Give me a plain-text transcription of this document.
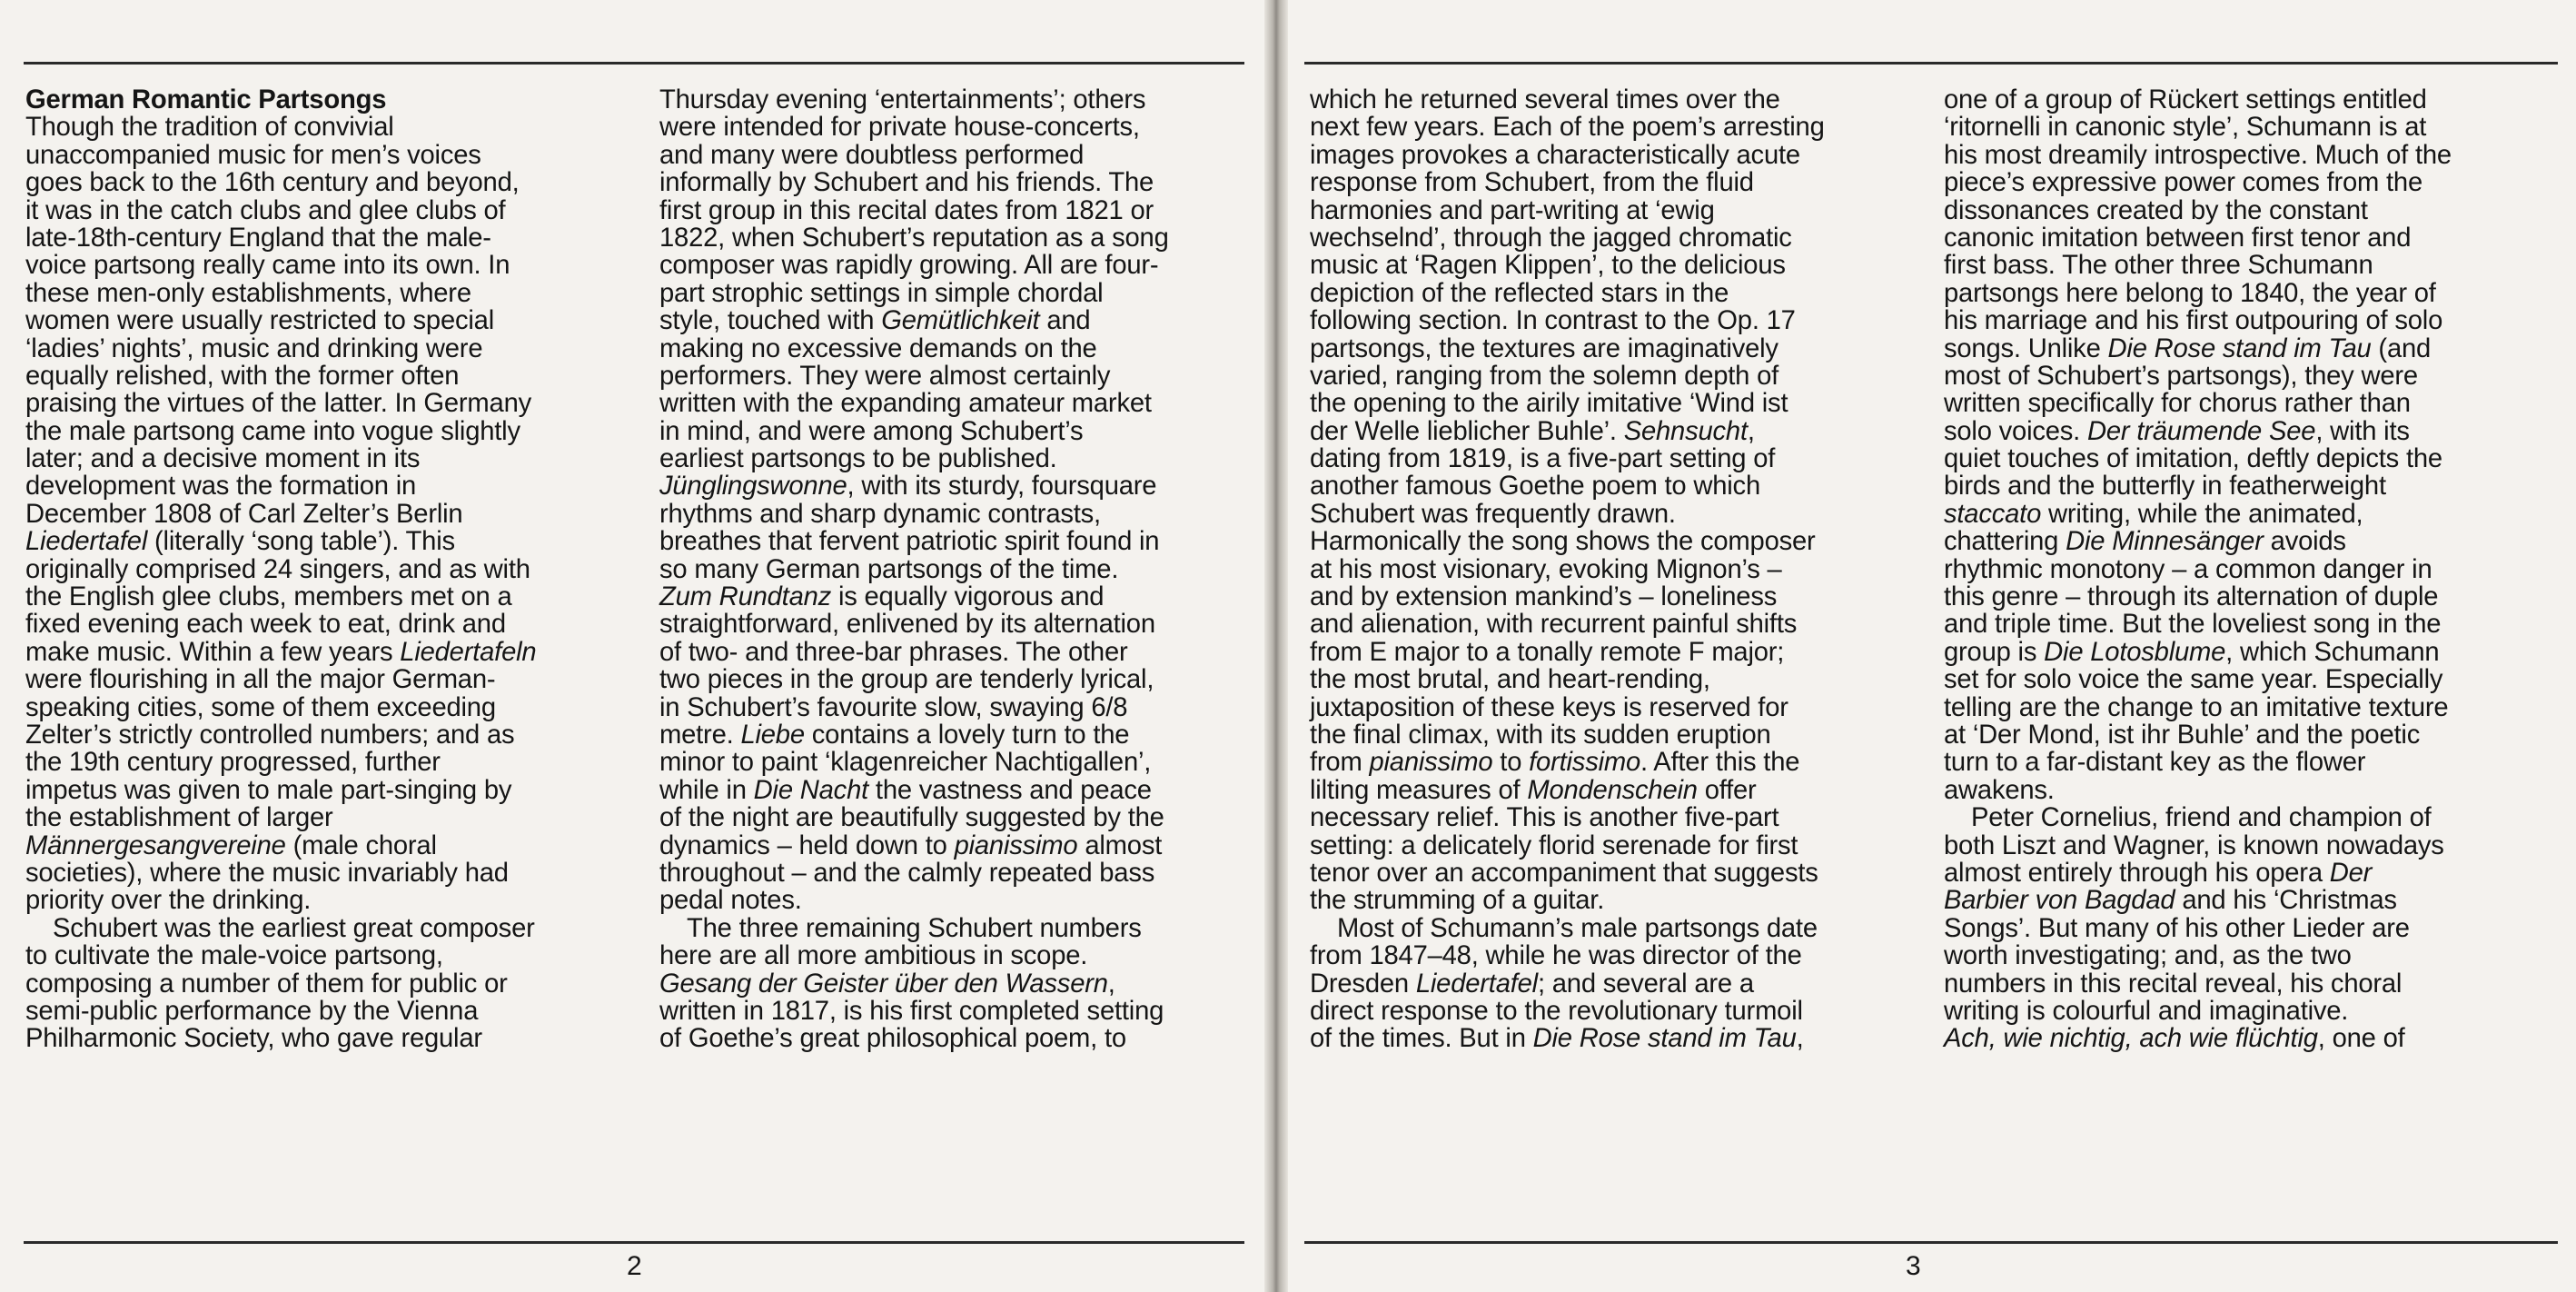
German Romantic Partsongs
Though the tradition of convivial
unaccompanied music for men’s voices
goes back to the 16th century and beyond,
it was in the catch clubs and glee clubs of
late-18th-century England that the male-
voice partsong really came into its own. In
these men-only establishments, where
women were usually restricted to special
‘ladies’ nights’, music and drinking were
equally relished, with the former often
praising the virtues of the latter. In Germany
the male partsong came into vogue slightly
later; and a decisive moment in its
development was the formation in
December 1808 of Carl Zelter’s Berlin
Liedertafel (literally ‘song table’). This
originally comprised 24 singers, and as with
the English glee clubs, members met on a
fixed evening each week to eat, drink and
make music. Within a few years Liedertafeln
were flourishing in all the major German-
speaking cities, some of them exceeding
Zelter’s strictly controlled numbers; and as
the 19th century progressed, further
impetus was given to male part-singing by
the establishment of larger
Männergesangvereine (male choral
societies), where the music invariably had
priority over the drinking.
Schubert was the earliest great composer
to cultivate the male-voice partsong,
composing a number of them for public or
semi-public performance by the Vienna
Philharmonic Society, who gave regular
Thursday evening ‘entertainments’; others
were intended for private house-concerts,
and many were doubtless performed
informally by Schubert and his friends. The
first group in this recital dates from 1821 or
1822, when Schubert’s reputation as a song
composer was rapidly growing. All are four-
part strophic settings in simple chordal
style, touched with Gemütlichkeit and
making no excessive demands on the
performers. They were almost certainly
written with the expanding amateur market
in mind, and were among Schubert’s
earliest partsongs to be published.
Jünglingswonne, with its sturdy, foursquare
rhythms and sharp dynamic contrasts,
breathes that fervent patriotic spirit found in
so many German partsongs of the time.
Zum Rundtanz is equally vigorous and
straightforward, enlivened by its alternation
of two- and three-bar phrases. The other
two pieces in the group are tenderly lyrical,
in Schubert’s favourite slow, swaying 6/8
metre. Liebe contains a lovely turn to the
minor to paint ‘klagenreicher Nachtigallen’,
while in Die Nacht the vastness and peace
of the night are beautifully suggested by the
dynamics – held down to pianissimo almost
throughout – and the calmly repeated bass
pedal notes.
The three remaining Schubert numbers
here are all more ambitious in scope.
Gesang der Geister über den Wassern,
written in 1817, is his first completed setting
of Goethe’s great philosophical poem, to
which he returned several times over the
next few years. Each of the poem’s arresting
images provokes a characteristically acute
response from Schubert, from the fluid
harmonies and part-writing at ‘ewig
wechselnd’, through the jagged chromatic
music at ‘Ragen Klippen’, to the delicious
depiction of the reflected stars in the
following section. In contrast to the Op. 17
partsongs, the textures are imaginatively
varied, ranging from the solemn depth of
the opening to the airily imitative ‘Wind ist
der Welle lieblicher Buhle’. Sehnsucht,
dating from 1819, is a five-part setting of
another famous Goethe poem to which
Schubert was frequently drawn.
Harmonically the song shows the composer
at his most visionary, evoking Mignon’s –
and by extension mankind’s – loneliness
and alienation, with recurrent painful shifts
from E major to a tonally remote F major;
the most brutal, and heart-rending,
juxtaposition of these keys is reserved for
the final climax, with its sudden eruption
from pianissimo to fortissimo. After this the
lilting measures of Mondenschein offer
necessary relief. This is another five-part
setting: a delicately florid serenade for first
tenor over an accompaniment that suggests
the strumming of a guitar.
Most of Schumann’s male partsongs date
from 1847–48, while he was director of the
Dresden Liedertafel; and several are a
direct response to the revolutionary turmoil
of the times. But in Die Rose stand im Tau,
one of a group of Rückert settings entitled
‘ritornelli in canonic style’, Schumann is at
his most dreamily introspective. Much of the
piece’s expressive power comes from the
dissonances created by the constant
canonic imitation between first tenor and
first bass. The other three Schumann
partsongs here belong to 1840, the year of
his marriage and his first outpouring of solo
songs. Unlike Die Rose stand im Tau (and
most of Schubert’s partsongs), they were
written specifically for chorus rather than
solo voices. Der träumende See, with its
quiet touches of imitation, deftly depicts the
birds and the butterfly in featherweight
staccato writing, while the animated,
chattering Die Minnesänger avoids
rhythmic monotony – a common danger in
this genre – through its alternation of duple
and triple time. But the loveliest song in the
group is Die Lotosblume, which Schumann
set for solo voice the same year. Especially
telling are the change to an imitative texture
at ‘Der Mond, ist ihr Buhle’ and the poetic
turn to a far-distant key as the flower
awakens.
Peter Cornelius, friend and champion of
both Liszt and Wagner, is known nowadays
almost entirely through his opera Der
Barbier von Bagdad and his ‘Christmas
Songs’. But many of his other Lieder are
worth investigating; and, as the two
numbers in this recital reveal, his choral
writing is colourful and imaginative.
Ach, wie nichtig, ach wie flüchtig, one of
2	3
